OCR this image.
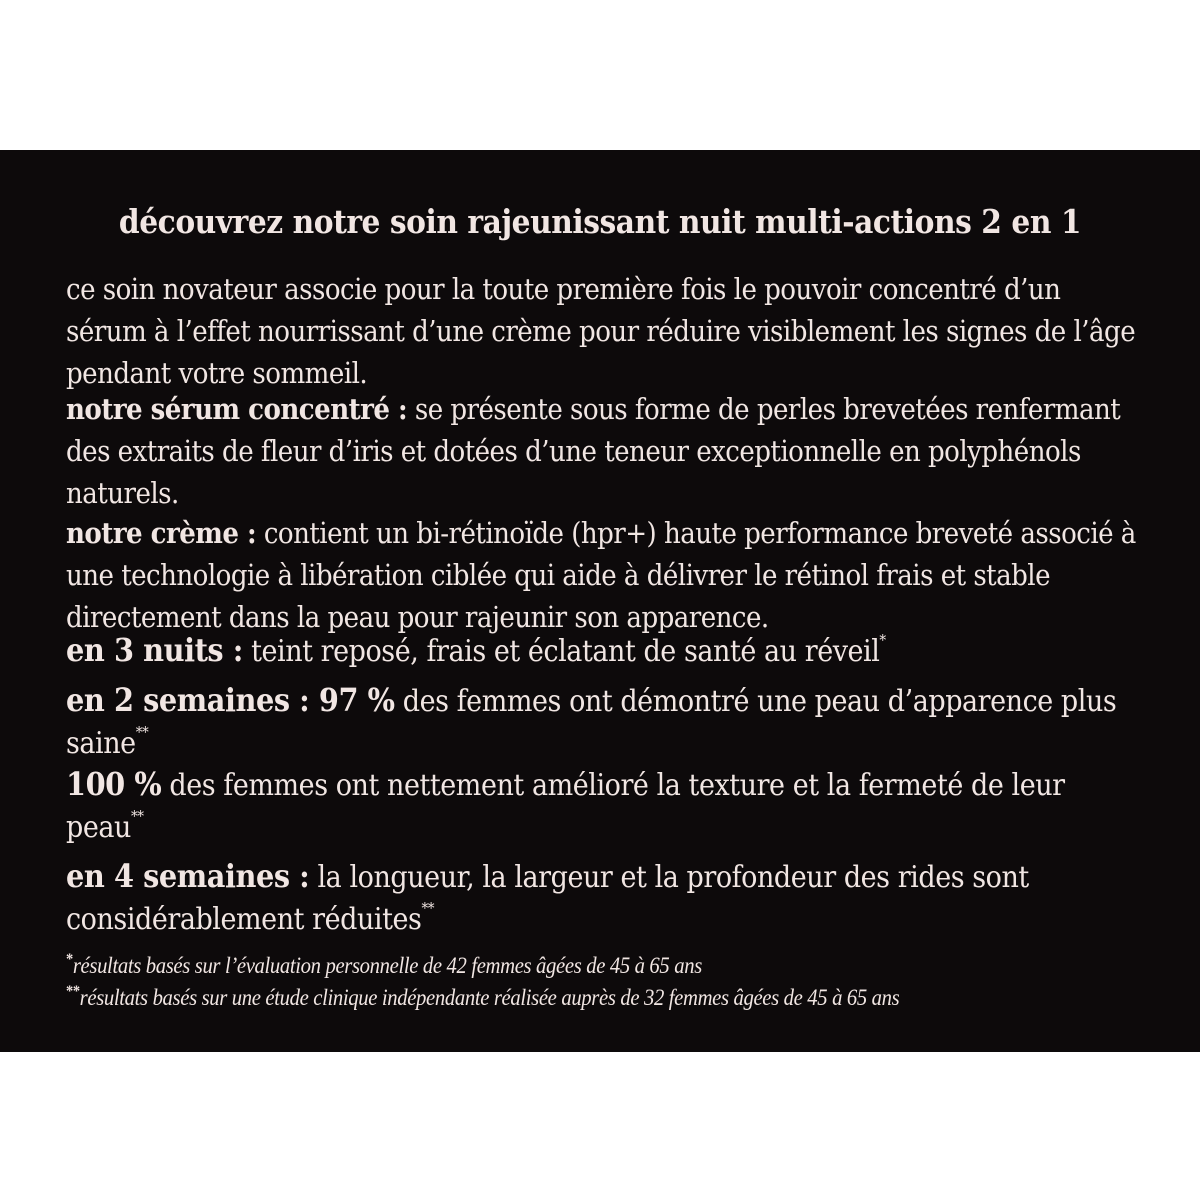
découvrez notre soin rajeunissant nuit multi-actions 2 en 1

ce soin novateur associe pour la toute première fois le pouvoir concentré d’un sérum à l’effet nourrissant d’une crème pour réduire visiblement les signes de l’âge pendant votre sommeil.

notre sérum concentré : se présente sous forme de perles brevetées renfermant des extraits de fleur d’iris et dotées d’une teneur exceptionnelle en polyphénols naturels.

notre crème : contient un bi-rétinoïde (hpr+) haute performance breveté associé à une technologie à libération ciblée qui aide à délivrer le rétinol frais et stable directement dans la peau pour rajeunir son apparence.

en 3 nuits : teint reposé, frais et éclatant de santé au réveil*

en 2 semaines : 97 % des femmes ont démontré une peau d’apparence plus saine**
100 % des femmes ont nettement amélioré la texture et la fermeté de leur peau**

en 4 semaines : la longueur, la largeur et la profondeur des rides sont considérablement réduites**

*résultats basés sur l’évaluation personnelle de 42 femmes âgées de 45 à 65 ans
**résultats basés sur une étude clinique indépendante réalisée auprès de 32 femmes âgées de 45 à 65 ans
